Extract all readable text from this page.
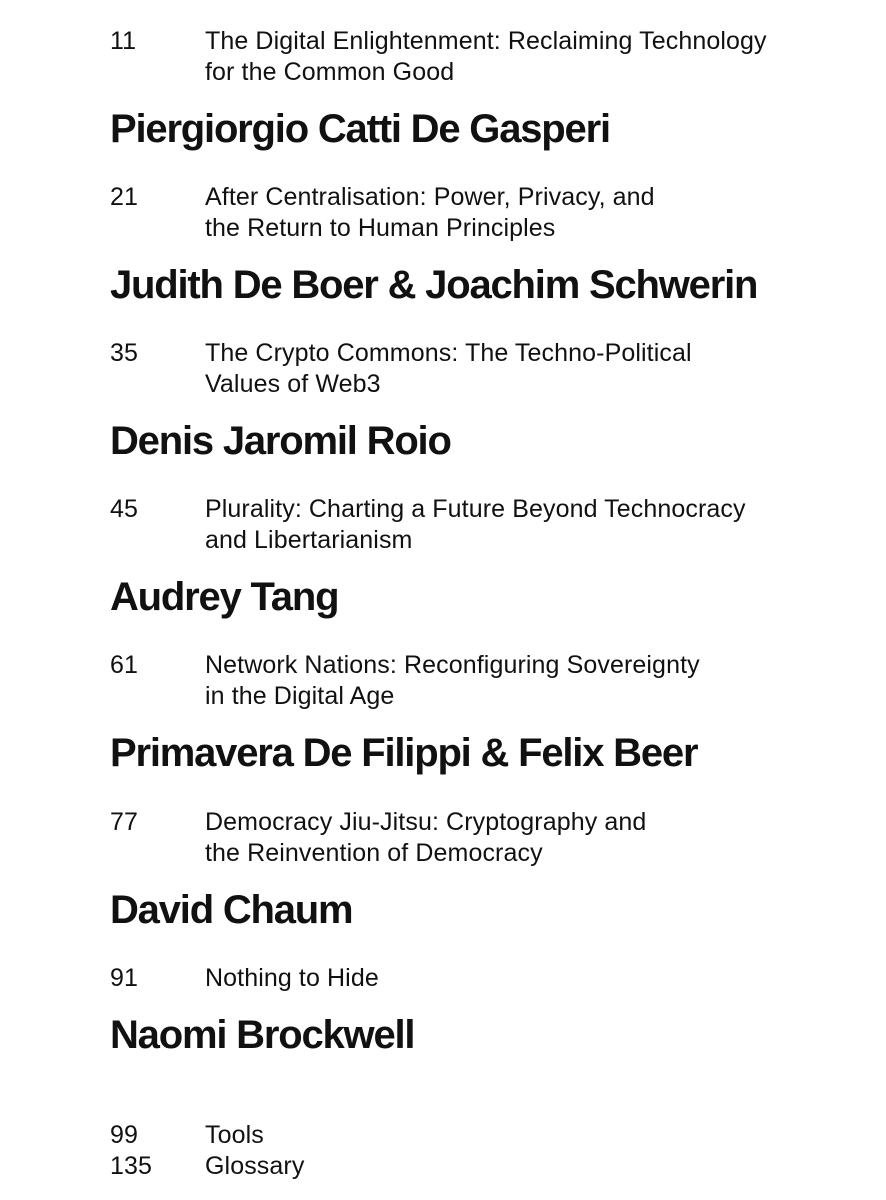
11	The Digital Enlightenment: Reclaiming Technology
for the Common Good
Piergiorgio Catti De Gasperi
21	After Centralisation: Power, Privacy, and
the Return to Human Principles
Judith De Boer & Joachim Schwerin
35	The Crypto Commons: The Techno-Political
Values of Web3
Denis Jaromil Roio
45	Plurality: Charting a Future Beyond Technocracy
and Libertarianism
Audrey Tang
61	Network Nations: Reconfiguring Sovereignty
in the Digital Age
Primavera De Filippi & Felix Beer
77	Democracy Jiu-Jitsu: Cryptography and
the Reinvention of Democracy
David Chaum
91	Nothing to Hide
Naomi Brockwell
99	Tools
135 Glossary
